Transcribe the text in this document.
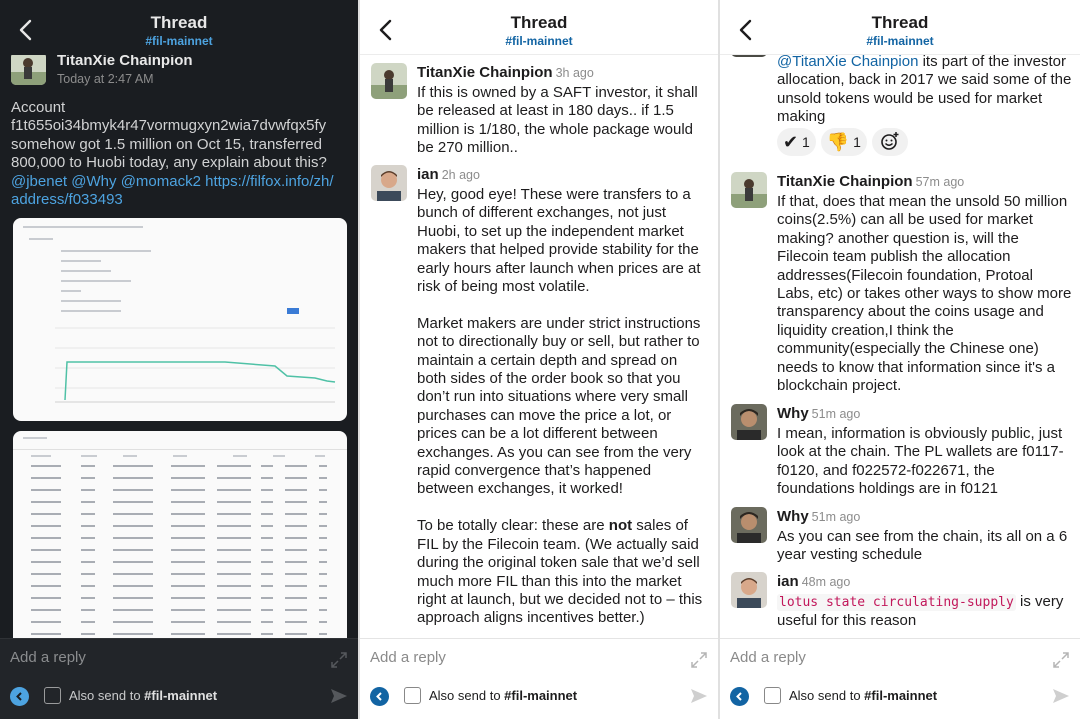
Thread
#fil-mainnet
TitanXie Chainpion
Today at 2:47 AM
Account
f1t655oi34bmyk4r47vormugxyn2wia7dvwfqx5fy
somehow got 1.5 million on Oct 15, transferred
800,000 to Huobi today, any explain about this?
@jbenet @Why @momack2 https://filfox.info/zh/
address/f033493
Add a reply
Also send to #fil-mainnet
Thread
#fil-mainnet
TitanXie Chainpion 3h ago
If this is owned by a SAFT investor, it shall be released at least in 180 days.. if 1.5 million is 1/180, the whole package would be 270 million..
ian 2h ago

Hey, good eye! These were transfers to a bunch of different exchanges, not just Huobi, to set up the independent market makers that helped provide stability for the early hours after launch when prices are at risk of being most volatile.

Market makers are under strict instructions not to directionally buy or sell, but rather to maintain a certain depth and spread on both sides of the order book so that you don’t run into situations where very small purchases can move the price a lot, or prices can be a lot different between exchanges. As you can see from the very rapid convergence that’s happened between exchanges, it worked!

To be totally clear: these are not sales of FIL by the Filecoin team. (We actually said during the original token sale that we’d sell much more FIL than this into the market right at launch, but we decided not to – this approach aligns incentives better.)

Add a reply
Also send to #fil-mainnet
Thread
#fil-mainnet
@TitanXie Chainpion its part of the investor allocation, back in 2017 we said some of the unsold tokens would be used for market making
✔ 1 👎 1
TitanXie Chainpion 57m ago
If that, does that mean the unsold 50 million coins(2.5%) can all be used for market making? another question is, will the Filecoin team publish the allocation addresses(Filecoin foundation, Protoal Labs, etc) or takes other ways to show more transparency about the coins usage and liquidity creation,I think the community(especially the Chinese one) needs to know that information since it's a blockchain project.
Why 51m ago
I mean, information is obviously public, just look at the chain. The PL wallets are f0117-f0120, and f022572-f022671, the foundations holdings are in f0121
Why 51m ago
As you can see from the chain, its all on a 6 year vesting schedule
ian 48m ago
lotus state circulating-supply is very useful for this reason
Add a reply
Also send to #fil-mainnet
